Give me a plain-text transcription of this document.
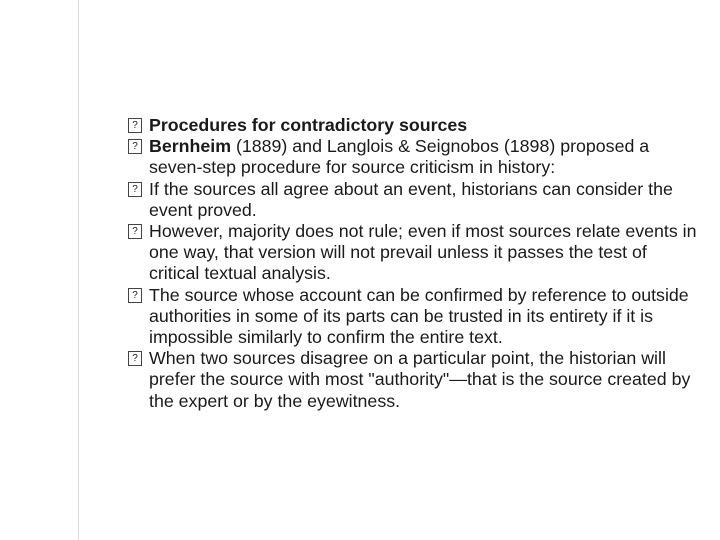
? Procedures for contradictory sources
? Bernheim (1889) and Langlois & Seignobos (1898) proposed a seven-step procedure for source criticism in history:
? If the sources all agree about an event, historians can consider the event proved.
? However, majority does not rule; even if most sources relate events in one way, that version will not prevail unless it passes the test of critical textual analysis.
? The source whose account can be confirmed by reference to outside authorities in some of its parts can be trusted in its entirety if it is impossible similarly to confirm the entire text.
? When two sources disagree on a particular point, the historian will prefer the source with most "authority"—that is the source created by the expert or by the eyewitness.
